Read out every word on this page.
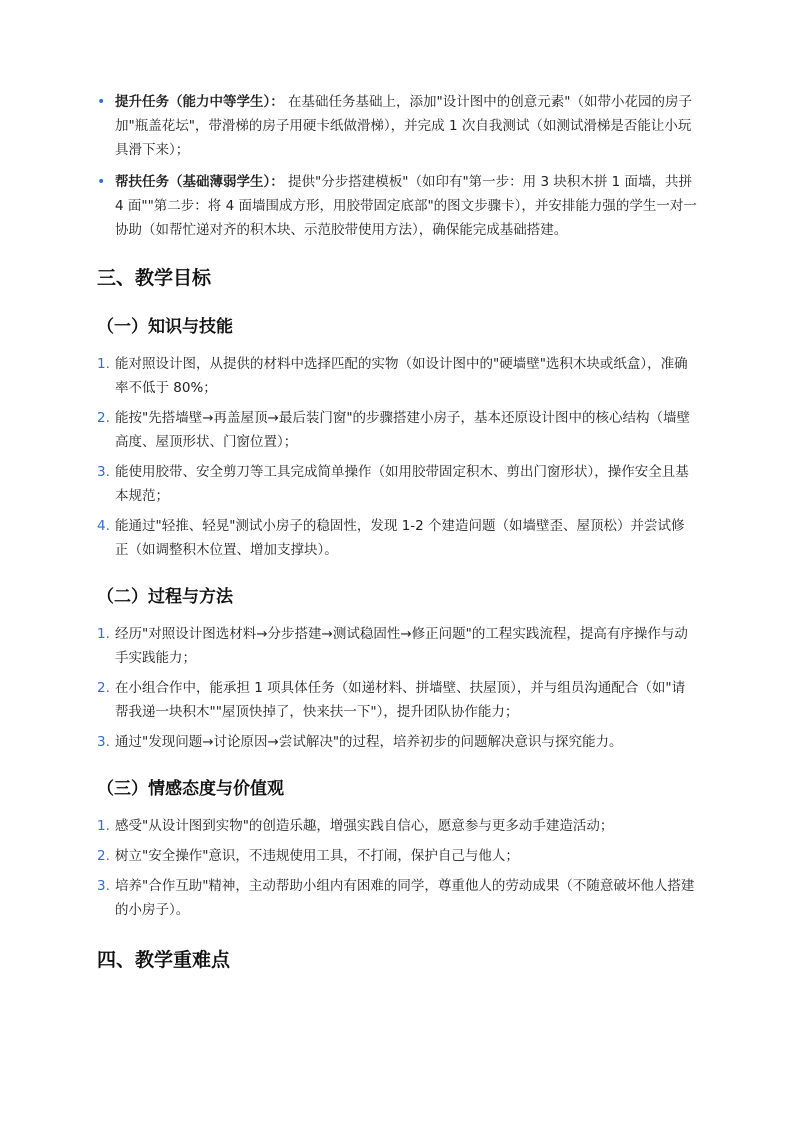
• 提升任务（能力中等学生）： 在基础任务基础上，添加"设计图中的创意元素"（如带小花园的房子加"瓶盖花坛"，带滑梯的房子用硬卡纸做滑梯），并完成 1 次自我测试（如测试滑梯是否能让小玩具滑下来）；
• 帮扶任务（基础薄弱学生）： 提供"分步搭建模板"（如印有"第一步：用 3 块积木拼 1 面墙，共拼 4 面""第二步：将 4 面墙围成方形，用胶带固定底部"的图文步骤卡），并安排能力强的学生一对一协助（如帮忙递对齐的积木块、示范胶带使用方法），确保能完成基础搭建。
三、教学目标
（一）知识与技能
1. 能对照设计图，从提供的材料中选择匹配的实物（如设计图中的"硬墙壁"选积木块或纸盒），准确率不低于 80%；
2. 能按"先搭墙壁→再盖屋顶→最后装门窗"的步骤搭建小房子，基本还原设计图中的核心结构（墙壁高度、屋顶形状、门窗位置）；
3. 能使用胶带、安全剪刀等工具完成简单操作（如用胶带固定积木、剪出门窗形状），操作安全且基本规范；
4. 能通过"轻推、轻晃"测试小房子的稳固性，发现 1-2 个建造问题（如墙壁歪、屋顶松）并尝试修正（如调整积木位置、增加支撑块）。
（二）过程与方法
1. 经历"对照设计图选材料→分步搭建→测试稳固性→修正问题"的工程实践流程，提高有序操作与动手实践能力；
2. 在小组合作中，能承担 1 项具体任务（如递材料、拼墙壁、扶屋顶），并与组员沟通配合（如"请帮我递一块积木""屋顶快掉了，快来扶一下"），提升团队协作能力；
3. 通过"发现问题→讨论原因→尝试解决"的过程，培养初步的问题解决意识与探究能力。
（三）情感态度与价值观
1. 感受"从设计图到实物"的创造乐趣，增强实践自信心，愿意参与更多动手建造活动；
2. 树立"安全操作"意识，不违规使用工具，不打闹，保护自己与他人；
3. 培养"合作互助"精神，主动帮助小组内有困难的同学，尊重他人的劳动成果（不随意破坏他人搭建的小房子）。
四、教学重难点
